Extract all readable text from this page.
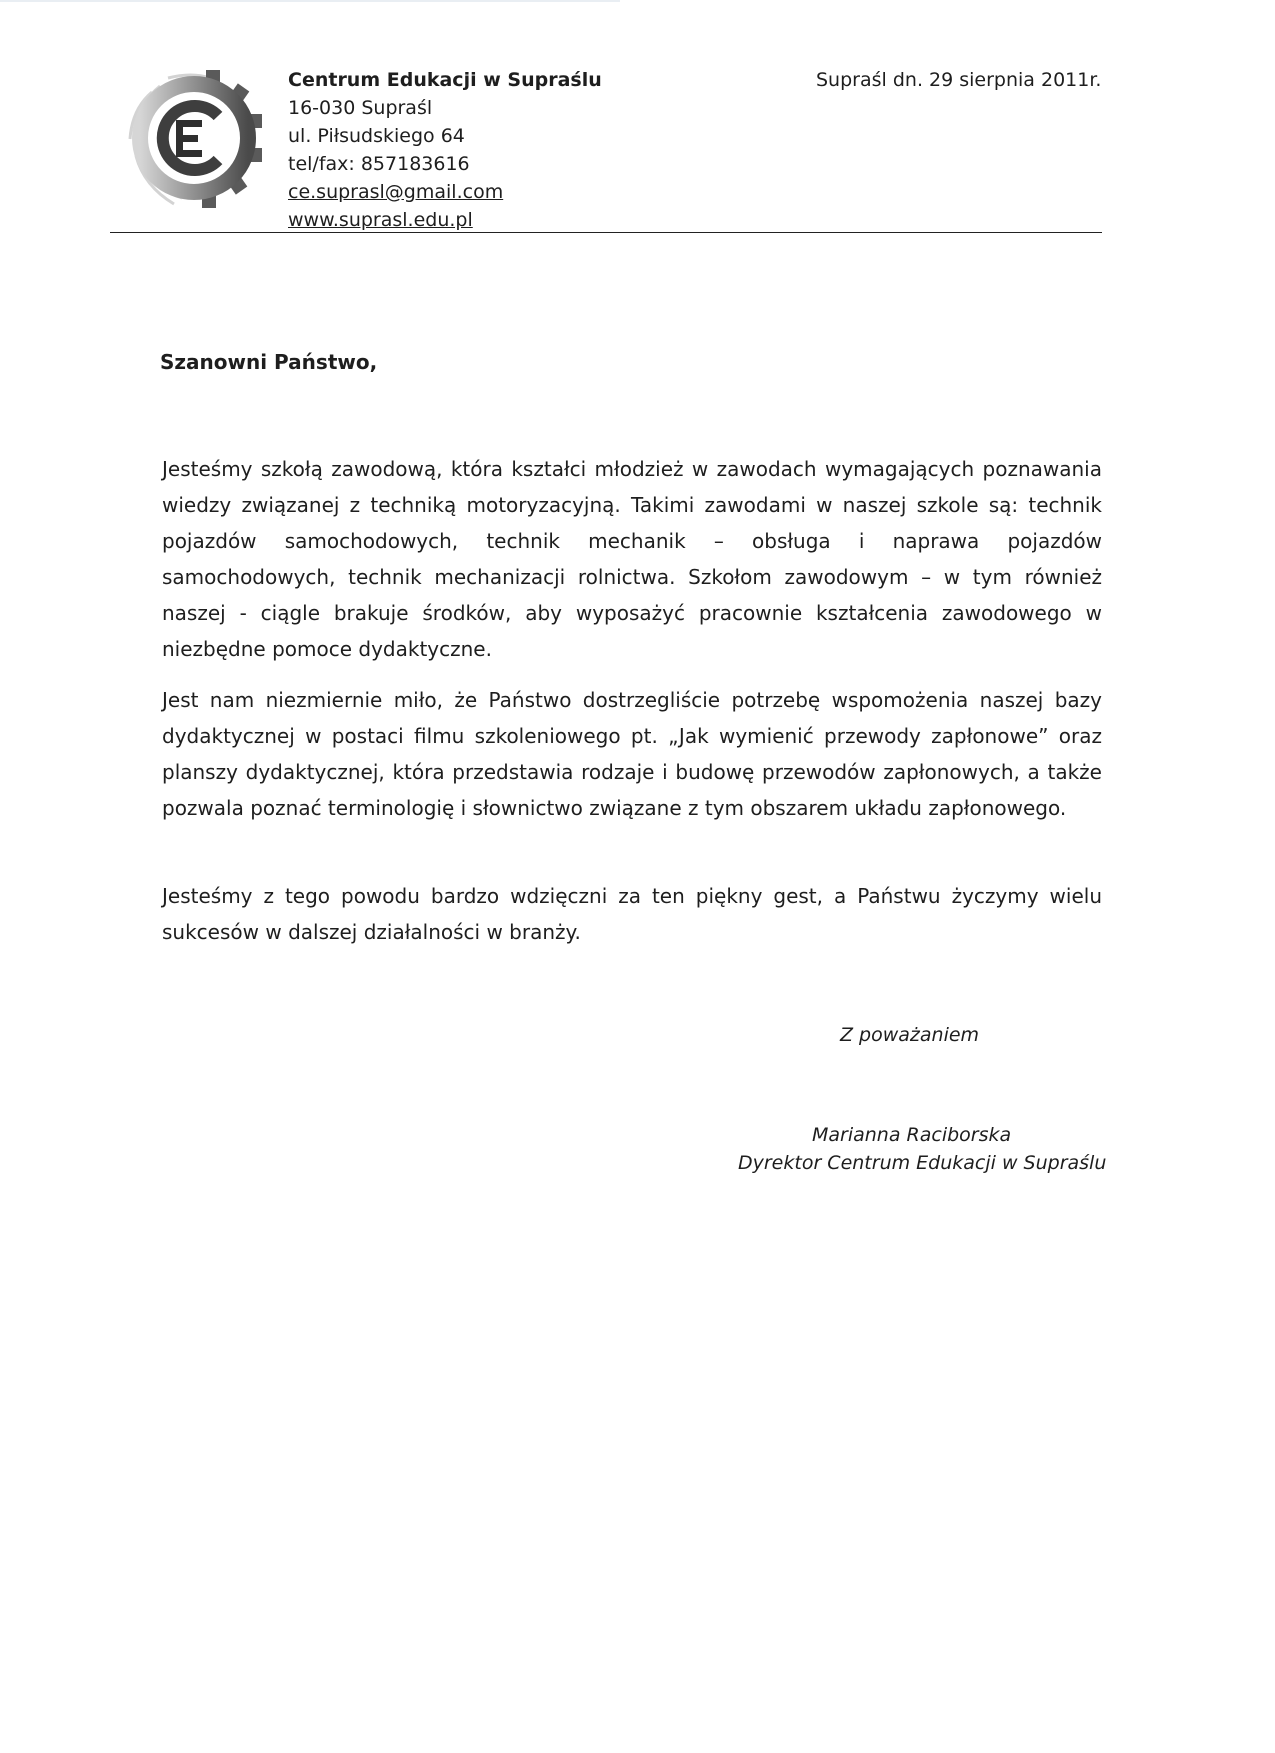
Centrum Edukacji w Supraślu
16-030 Supraśl
ul. Piłsudskiego 64
tel/fax: 857183616
ce.suprasl@gmail.com
www.suprasl.edu.pl
Supraśl dn. 29 sierpnia 2011r.
Szanowni Państwo,

Jesteśmy szkołą zawodową, która kształci młodzież w zawodach wymagających poznawania wiedzy związanej z techniką motoryzacyjną. Takimi zawodami w naszej szkole są: technik pojazdów samochodowych, technik mechanik – obsługa i naprawa pojazdów samochodowych, technik mechanizacji rolnictwa. Szkołom zawodowym – w tym również naszej - ciągle brakuje środków, aby wyposażyć pracownie kształcenia zawodowego w niezbędne pomoce dydaktyczne.

Jest nam niezmiernie miło, że Państwo dostrzegliście potrzebę wspomożenia naszej bazy dydaktycznej w postaci filmu szkoleniowego pt. „Jak wymienić przewody zapłonowe” oraz planszy dydaktycznej, która przedstawia rodzaje i budowę przewodów zapłonowych, a także pozwala poznać terminologię i słownictwo związane z tym obszarem układu zapłonowego.

Jesteśmy z tego powodu bardzo wdzięczni za ten piękny gest, a Państwu życzymy wielu sukcesów w dalszej działalności w branży.

Z poważaniem
Marianna Raciborska
Dyrektor Centrum Edukacji w Supraślu
